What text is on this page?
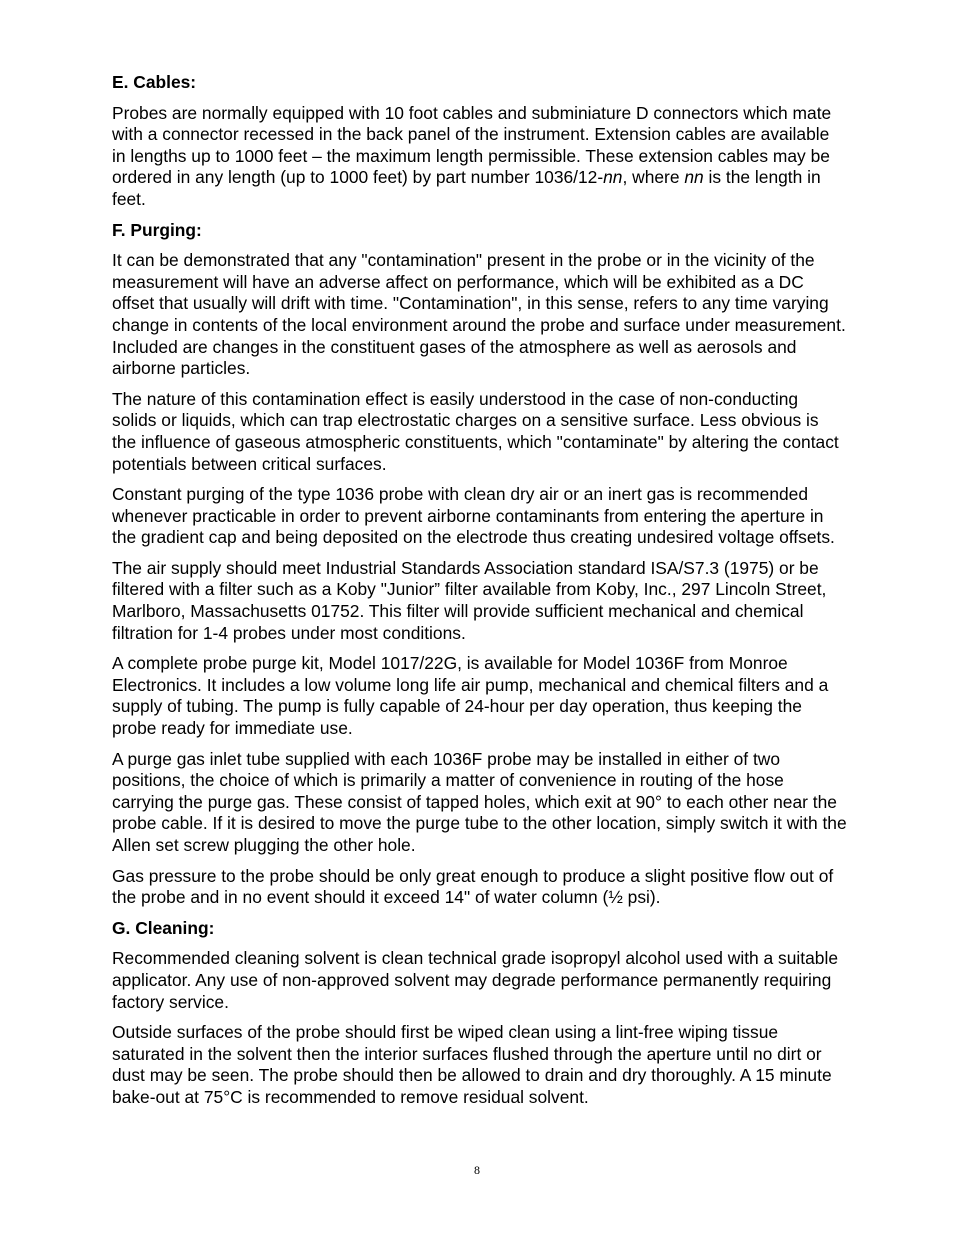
E. Cables:
Probes are normally equipped with 10 foot cables and subminiature D connectors which mate with a connector recessed in the back panel of the instrument. Extension cables are available in lengths up to 1000 feet – the maximum length permissible. These extension cables may be ordered in any length (up to 1000 feet) by part number 1036/12-nn, where nn is the length in feet.
F. Purging:
It can be demonstrated that any "contamination" present in the probe or in the vicinity of the measurement will have an adverse affect on performance, which will be exhibited as a DC offset that usually will drift with time. "Contamination", in this sense, refers to any time varying change in contents of the local environment around the probe and surface under measurement. Included are changes in the constituent gases of the atmosphere as well as aerosols and airborne particles.
The nature of this contamination effect is easily understood in the case of non-conducting solids or liquids, which can trap electrostatic charges on a sensitive surface. Less obvious is the influence of gaseous atmospheric constituents, which "contaminate" by altering the contact potentials between critical surfaces.
Constant purging of the type 1036 probe with clean dry air or an inert gas is recommended whenever practicable in order to prevent airborne contaminants from entering the aperture in the gradient cap and being deposited on the electrode thus creating undesired voltage offsets.
The air supply should meet Industrial Standards Association standard ISA/S7.3 (1975) or be filtered with a filter such as a Koby "Junior” filter available from Koby, Inc., 297 Lincoln Street, Marlboro, Massachusetts 01752. This filter will provide sufficient mechanical and chemical filtration for 1-4 probes under most conditions.
A complete probe purge kit, Model 1017/22G, is available for Model 1036F from Monroe Electronics. It includes a low volume long life air pump, mechanical and chemical filters and a supply of tubing. The pump is fully capable of 24-hour per day operation, thus keeping the probe ready for immediate use.
A purge gas inlet tube supplied with each 1036F probe may be installed in either of two positions, the choice of which is primarily a matter of convenience in routing of the hose carrying the purge gas. These consist of tapped holes, which exit at 90° to each other near the probe cable. If it is desired to move the purge tube to the other location, simply switch it with the Allen set screw plugging the other hole.
Gas pressure to the probe should be only great enough to produce a slight positive flow out of the probe and in no event should it exceed 14" of water column (½ psi).
G. Cleaning:
Recommended cleaning solvent is clean technical grade isopropyl alcohol used with a suitable applicator. Any use of non-approved solvent may degrade performance permanently requiring factory service.
Outside surfaces of the probe should first be wiped clean using a lint-free wiping tissue saturated in the solvent then the interior surfaces flushed through the aperture until no dirt or dust may be seen. The probe should then be allowed to drain and dry thoroughly. A 15 minute bake-out at 75°C is recommended to remove residual solvent.
8
